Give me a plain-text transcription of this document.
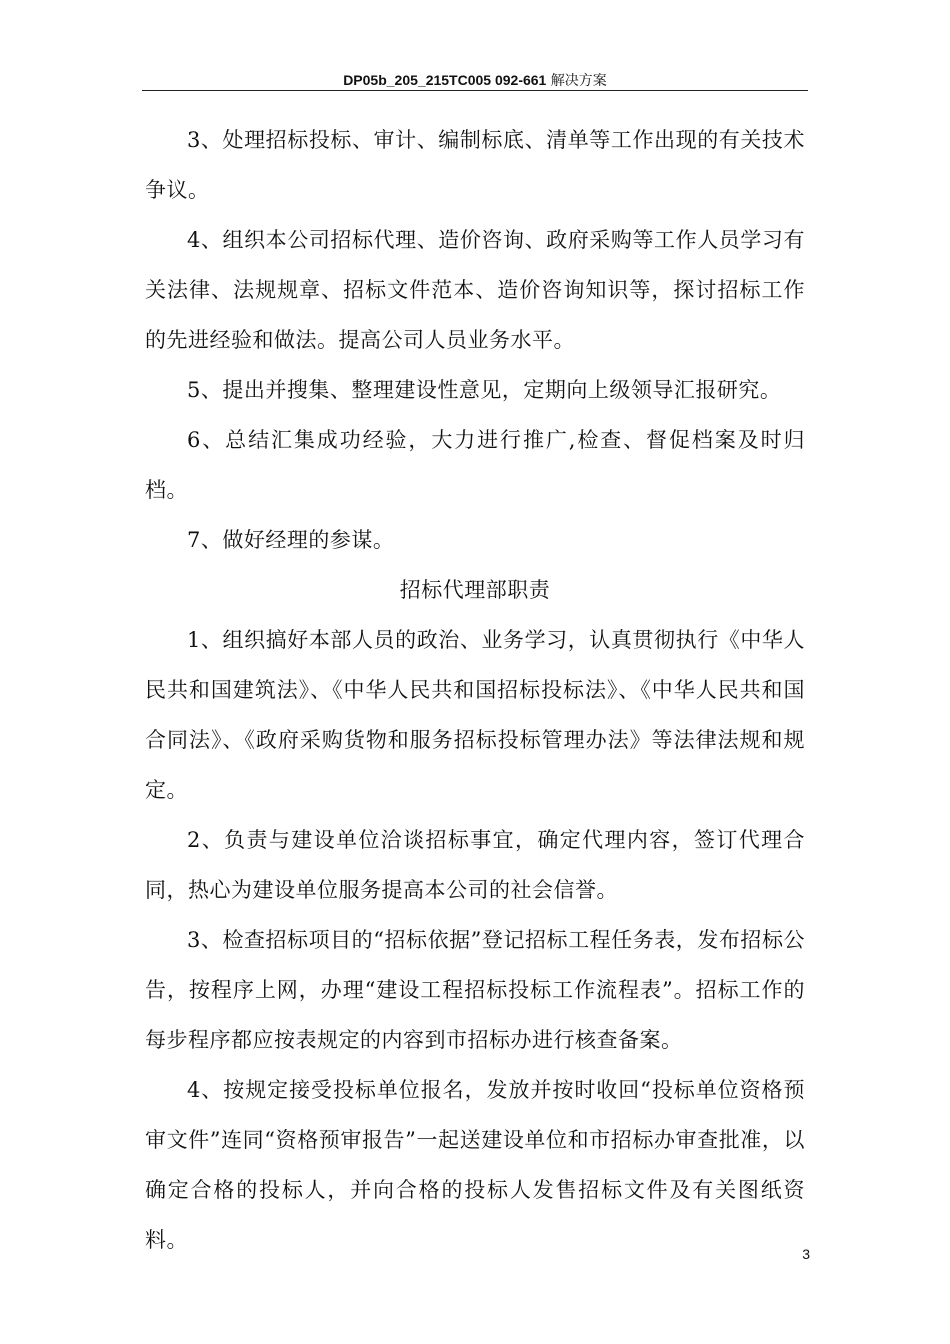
DP05b_205_215TC005 092-661 解决方案

3、处理招标投标、审计、编制标底、清单等工作出现的有关技术争议。

4、组织本公司招标代理、造价咨询、政府采购等工作人员学习有关法律、法规规章、招标文件范本、造价咨询知识等，探讨招标工作的先进经验和做法。提高公司人员业务水平。

5、提出并搜集、整理建设性意见，定期向上级领导汇报研究。

6、总结汇集成功经验，大力进行推广,检查、督促档案及时归档。

7、做好经理的参谋。

招标代理部职责

1、组织搞好本部人员的政治、业务学习，认真贯彻执行《中华人民共和国建筑法》、《中华人民共和国招标投标法》、《中华人民共和国合同法》、《政府采购货物和服务招标投标管理办法》等法律法规和规定。

2、负责与建设单位洽谈招标事宜，确定代理内容，签订代理合同，热心为建设单位服务提高本公司的社会信誉。

3、检查招标项目的“招标依据”登记招标工程任务表，发布招标公告，按程序上网，办理“建设工程招标投标工作流程表”。招标工作的每步程序都应按表规定的内容到市招标办进行核查备案。

4、按规定接受投标单位报名，发放并按时收回“投标单位资格预审文件”连同“资格预审报告”一起送建设单位和市招标办审查批准，以确定合格的投标人，并向合格的投标人发售招标文件及有关图纸资料。

3
